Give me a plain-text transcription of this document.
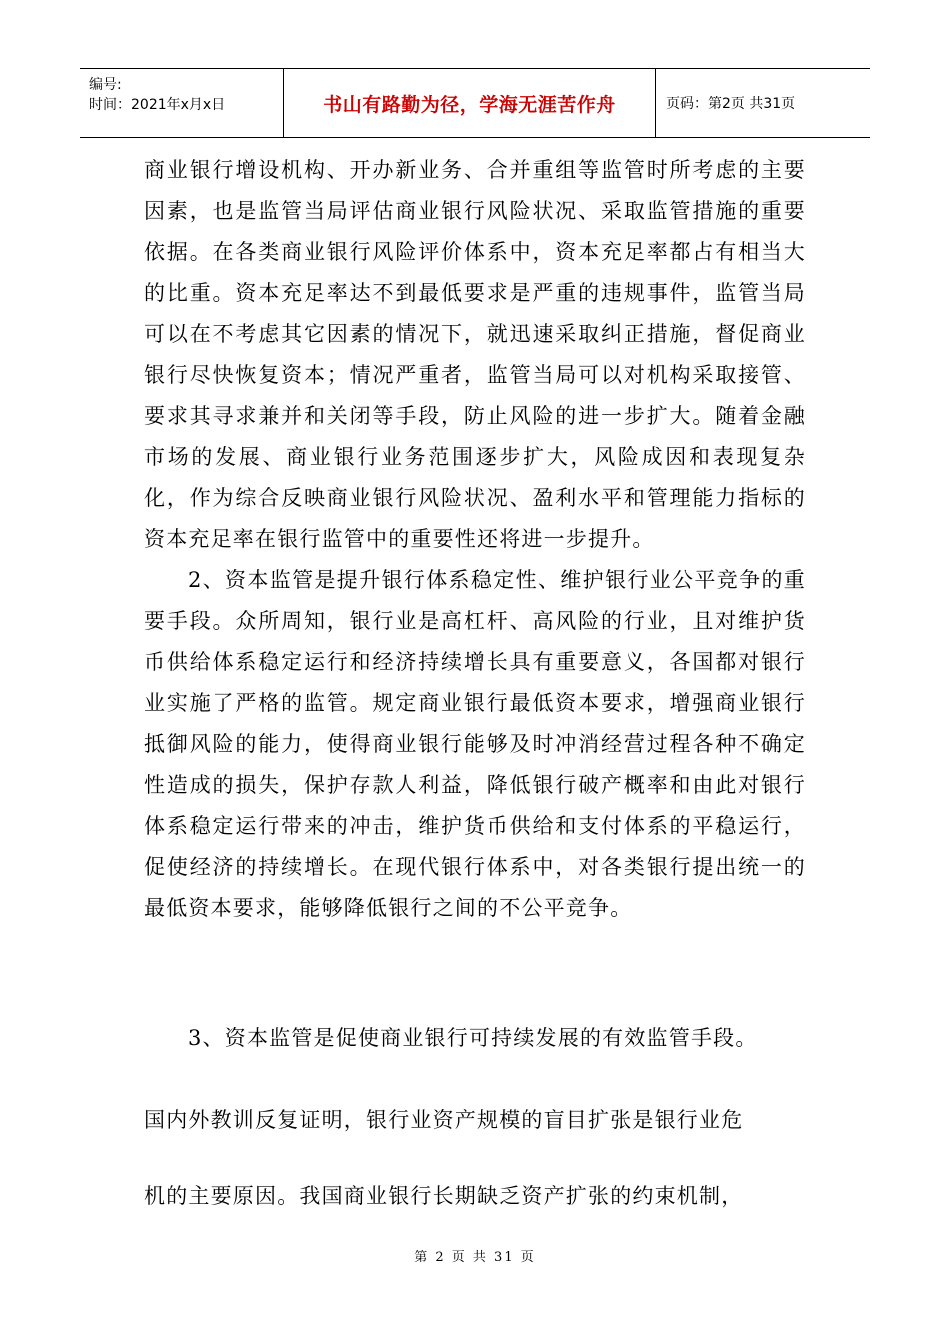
编号:
时间：2021年x月x日	书山有路勤为径，学海无涯苦作舟	页码：第2页 共31页

商业银行增设机构、开办新业务、合并重组等监管时所考虑的主要因素，也是监管当局评估商业银行风险状况、采取监管措施的重要依据。在各类商业银行风险评价体系中，资本充足率都占有相当大的比重。资本充足率达不到最低要求是严重的违规事件，监管当局可以在不考虑其它因素的情况下，就迅速采取纠正措施，督促商业银行尽快恢复资本；情况严重者，监管当局可以对机构采取接管、要求其寻求兼并和关闭等手段，防止风险的进一步扩大。随着金融市场的发展、商业银行业务范围逐步扩大，风险成因和表现复杂化，作为综合反映商业银行风险状况、盈利水平和管理能力指标的资本充足率在银行监管中的重要性还将进一步提升。

2、资本监管是提升银行体系稳定性、维护银行业公平竞争的重要手段。众所周知，银行业是高杠杆、高风险的行业，且对维护货币供给体系稳定运行和经济持续增长具有重要意义，各国都对银行业实施了严格的监管。规定商业银行最低资本要求，增强商业银行抵御风险的能力，使得商业银行能够及时冲消经营过程各种不确定性造成的损失，保护存款人利益，降低银行破产概率和由此对银行体系稳定运行带来的冲击，维护货币供给和支付体系的平稳运行，促使经济的持续增长。在现代银行体系中，对各类银行提出统一的最低资本要求，能够降低银行之间的不公平竞争。

3、资本监管是促使商业银行可持续发展的有效监管手段。
国内外教训反复证明，银行业资产规模的盲目扩张是银行业危
机的主要原因。我国商业银行长期缺乏资产扩张的约束机制，
第 2 页 共 31 页
